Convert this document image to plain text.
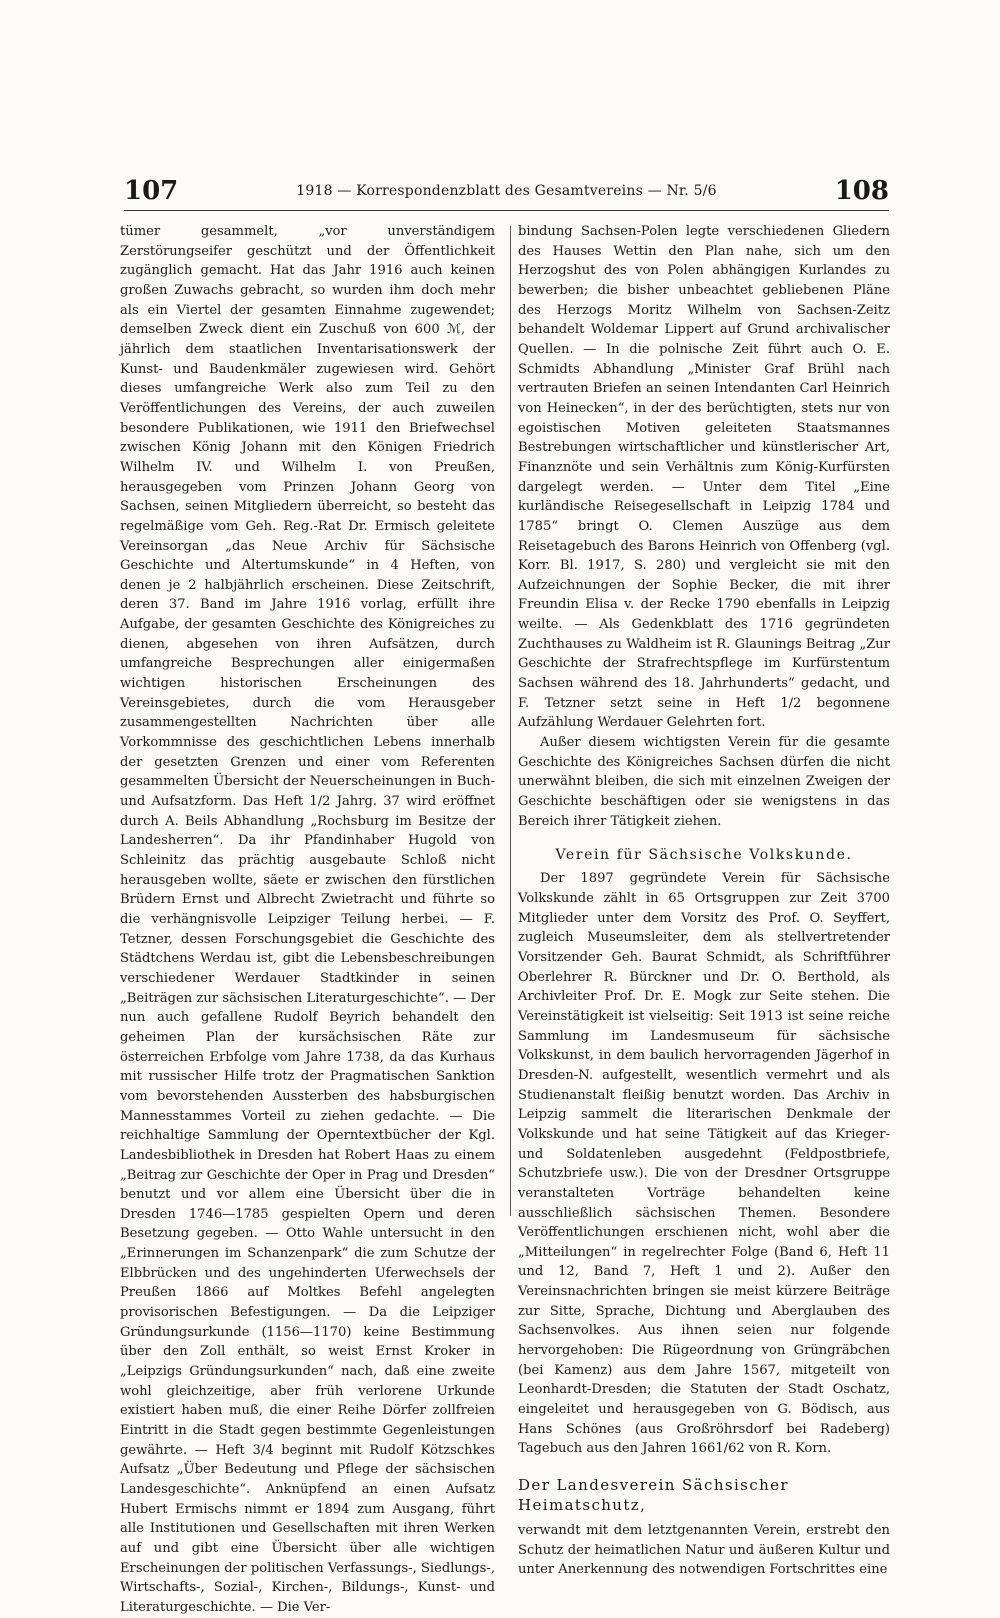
107	1918 — Korrespondenzblatt des Gesamtvereins — Nr. 5/6	108

tümer gesammelt, „vor unverständigem Zerstörungseifer geschützt und der Öffentlichkeit zugänglich gemacht. Hat das Jahr 1916 auch keinen großen Zuwachs gebracht, so wurden ihm doch mehr als ein Viertel der gesamten Einnahme zugewendet; demselben Zweck dient ein Zuschuß von 600 ℳ, der jährlich dem staatlichen Inventarisationswerk der Kunst- und Baudenkmäler zugewiesen wird. Gehört dieses umfangreiche Werk also zum Teil zu den Veröffentlichungen des Vereins, der auch zuweilen besondere Publikationen, wie 1911 den Briefwechsel zwischen König Johann mit den Königen Friedrich Wilhelm IV. und Wilhelm I. von Preußen, herausgegeben vom Prinzen Johann Georg von Sachsen, seinen Mitgliedern überreicht, so besteht das regelmäßige vom Geh. Reg.-Rat Dr. Ermisch geleitete Vereinsorgan „das Neue Archiv für Sächsische Geschichte und Altertumskunde“ in 4 Heften, von denen je 2 halbjährlich erscheinen. Diese Zeitschrift, deren 37. Band im Jahre 1916 vorlag, erfüllt ihre Aufgabe, der gesamten Geschichte des Königreiches zu dienen, abgesehen von ihren Aufsätzen, durch umfangreiche Besprechungen aller einigermaßen wichtigen historischen Erscheinungen des Vereinsgebietes, durch die vom Herausgeber zusammengestellten Nachrichten über alle Vorkommnisse des geschichtlichen Lebens innerhalb der gesetzten Grenzen und einer vom Referenten gesammelten Übersicht der Neuerscheinungen in Buch- und Aufsatzform. Das Heft 1/2 Jahrg. 37 wird eröffnet durch A. Beils Abhandlung „Rochsburg im Besitze der Landesherren“. Da ihr Pfandinhaber Hugold von Schleinitz das prächtig ausgebaute Schloß nicht herausgeben wollte, säete er zwischen den fürstlichen Brüdern Ernst und Albrecht Zwietracht und führte so die verhängnisvolle Leipziger Teilung herbei. — F. Tetzner, dessen Forschungsgebiet die Geschichte des Städtchens Werdau ist, gibt die Lebensbeschreibungen verschiedener Werdauer Stadtkinder in seinen „Beiträgen zur sächsischen Literaturgeschichte“. — Der nun auch gefallene Rudolf Beyrich behandelt den geheimen Plan der kursächsischen Räte zur österreichen Erbfolge vom Jahre 1738, da das Kurhaus mit russischer Hilfe trotz der Pragmatischen Sanktion vom bevorstehenden Aussterben des habsburgischen Mannesstammes Vorteil zu ziehen gedachte. — Die reichhaltige Sammlung der Operntextbücher der Kgl. Landesbibliothek in Dresden hat Robert Haas zu einem „Beitrag zur Geschichte der Oper in Prag und Dresden“ benutzt und vor allem eine Übersicht über die in Dresden 1746—1785 gespielten Opern und deren Besetzung gegeben. — Otto Wahle untersucht in den „Erinnerungen im Schanzenpark“ die zum Schutze der Elbbrücken und des ungehinderten Uferwechsels der Preußen 1866 auf Moltkes Befehl angelegten provisorischen Befestigungen. — Da die Leipziger Gründungsurkunde (1156—1170) keine Bestimmung über den Zoll enthält, so weist Ernst Kroker in „Leipzigs Gründungsurkunden“ nach, daß eine zweite wohl gleichzeitige, aber früh verlorene Urkunde existiert haben muß, die einer Reihe Dörfer zollfreien Eintritt in die Stadt gegen bestimmte Gegenleistungen gewährte. — Heft 3/4 beginnt mit Rudolf Kötzschkes Aufsatz „Über Bedeutung und Pflege der sächsischen Landesgeschichte“. Anknüpfend an einen Aufsatz Hubert Ermischs nimmt er 1894 zum Ausgang, führt alle Institutionen und Gesellschaften mit ihren Werken auf und gibt eine Übersicht über alle wichtigen Erscheinungen der politischen Verfassungs-, Siedlungs-, Wirtschafts-, Sozial-, Kirchen-, Bildungs-, Kunst- und Literaturgeschichte. — Die Ver-

bindung Sachsen-Polen legte verschiedenen Gliedern des Hauses Wettin den Plan nahe, sich um den Herzogshut des von Polen abhängigen Kurlandes zu bewerben; die bisher unbeachtet gebliebenen Pläne des Herzogs Moritz Wilhelm von Sachsen-Zeitz behandelt Woldemar Lippert auf Grund archivalischer Quellen. — In die polnische Zeit führt auch O. E. Schmidts Abhandlung „Minister Graf Brühl nach vertrauten Briefen an seinen Intendanten Carl Heinrich von Heinecken“, in der des berüchtigten, stets nur von egoistischen Motiven geleiteten Staatsmannes Bestrebungen wirtschaftlicher und künstlerischer Art, Finanznöte und sein Verhältnis zum König-Kurfürsten dargelegt werden. — Unter dem Titel „Eine kurländische Reisegesellschaft in Leipzig 1784 und 1785“ bringt O. Clemen Auszüge aus dem Reisetagebuch des Barons Heinrich von Offenberg (vgl. Korr. Bl. 1917, S. 280) und vergleicht sie mit den Aufzeichnungen der Sophie Becker, die mit ihrer Freundin Elisa v. der Recke 1790 ebenfalls in Leipzig weilte. — Als Gedenkblatt des 1716 gegründeten Zuchthauses zu Waldheim ist R. Glaunings Beitrag „Zur Geschichte der Strafrechtspflege im Kurfürstentum Sachsen während des 18. Jahrhunderts“ gedacht, und F. Tetzner setzt seine in Heft 1/2 begonnene Aufzählung Werdauer Gelehrten fort.

Außer diesem wichtigsten Verein für die gesamte Geschichte des Königreiches Sachsen dürfen die nicht unerwähnt bleiben, die sich mit einzelnen Zweigen der Geschichte beschäftigen oder sie wenigstens in das Bereich ihrer Tätigkeit ziehen.

Verein für Sächsische Volkskunde.

Der 1897 gegründete Verein für Sächsische Volkskunde zählt in 65 Ortsgruppen zur Zeit 3700 Mitglieder unter dem Vorsitz des Prof. O. Seyffert, zugleich Museumsleiter, dem als stellvertretender Vorsitzender Geh. Baurat Schmidt, als Schriftführer Oberlehrer R. Bürckner und Dr. O. Berthold, als Archivleiter Prof. Dr. E. Mogk zur Seite stehen. Die Vereinstätigkeit ist vielseitig: Seit 1913 ist seine reiche Sammlung im Landesmuseum für sächsische Volkskunst, in dem baulich hervorragenden Jägerhof in Dresden-N. aufgestellt, wesentlich vermehrt und als Studienanstalt fleißig benutzt worden. Das Archiv in Leipzig sammelt die literarischen Denkmale der Volkskunde und hat seine Tätigkeit auf das Krieger- und Soldatenleben ausgedehnt (Feldpostbriefe, Schutzbriefe usw.). Die von der Dresdner Ortsgruppe veranstalteten Vorträge behandelten keine ausschließlich sächsischen Themen. Besondere Veröffentlichungen erschienen nicht, wohl aber die „Mitteilungen“ in regelrechter Folge (Band 6, Heft 11 und 12, Band 7, Heft 1 und 2). Außer den Vereinsnachrichten bringen sie meist kürzere Beiträge zur Sitte, Sprache, Dichtung und Aberglauben des Sachsenvolkes. Aus ihnen seien nur folgende hervorgehoben: Die Rügeordnung von Grüngräbchen (bei Kamenz) aus dem Jahre 1567, mitgeteilt von Leonhardt-Dresden; die Statuten der Stadt Oschatz, eingeleitet und herausgegeben von G. Bödisch, aus Hans Schönes (aus Großröhrsdorf bei Radeberg) Tagebuch aus den Jahren 1661/62 von R. Korn.

Der Landesverein Sächsischer Heimatschutz,

verwandt mit dem letztgenannten Verein, erstrebt den Schutz der heimatlichen Natur und äußeren Kultur und unter Anerkennung des notwendigen Fortschrittes eine
